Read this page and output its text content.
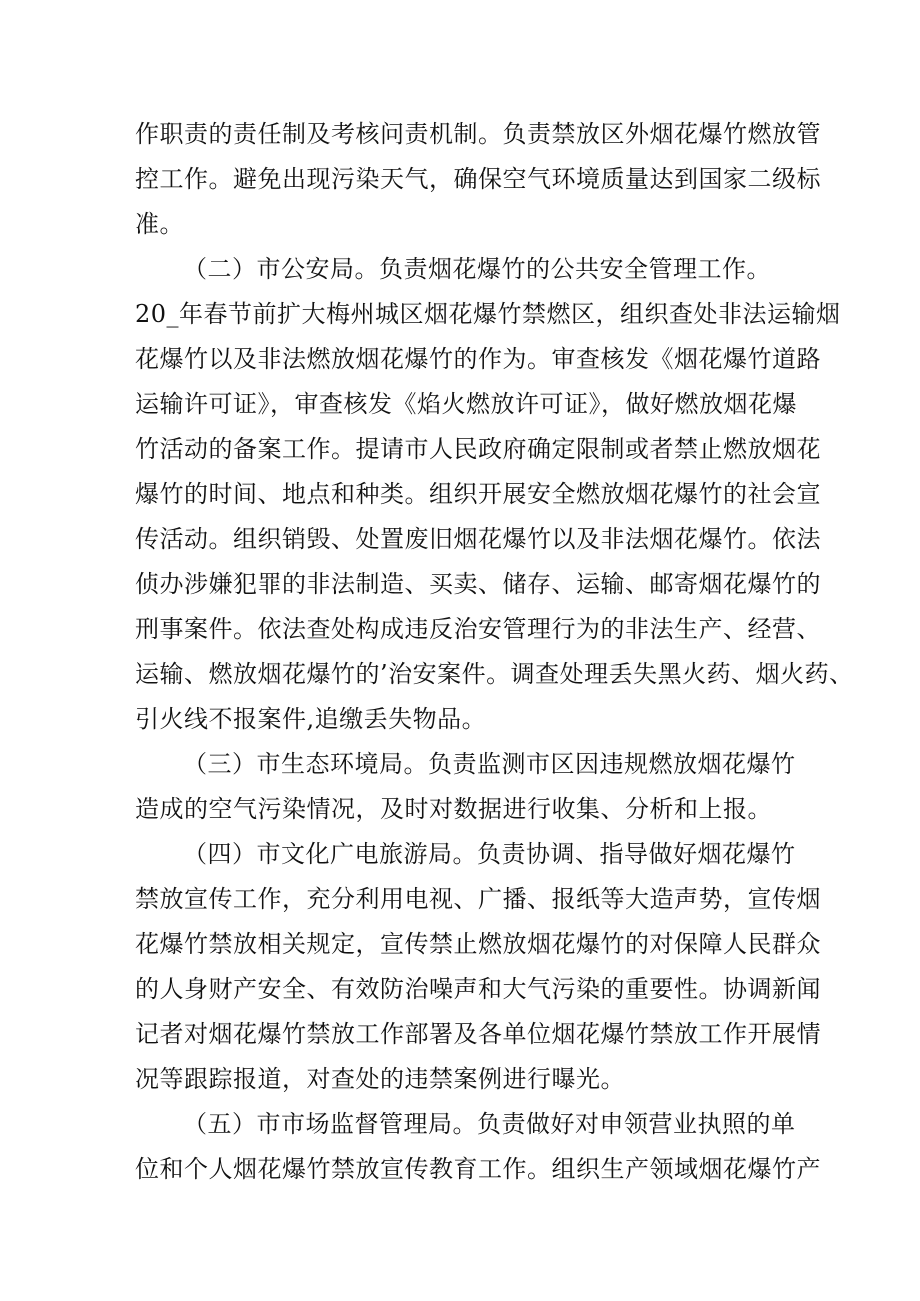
作职责的责任制及考核问责机制。负责禁放区外烟花爆竹燃放管
控工作。避免出现污染天气，确保空气环境质量达到国家二级标
准。
（二）市公安局。负责烟花爆竹的公共安全管理工作。
20_年春节前扩大梅州城区烟花爆竹禁燃区，组织查处非法运输烟
花爆竹以及非法燃放烟花爆竹的作为。审查核发《烟花爆竹道路
运输许可证》，审查核发《焰火燃放许可证》，做好燃放烟花爆
竹活动的备案工作。提请市人民政府确定限制或者禁止燃放烟花
爆竹的时间、地点和种类。组织开展安全燃放烟花爆竹的社会宣
传活动。组织销毁、处置废旧烟花爆竹以及非法烟花爆竹。依法
侦办涉嫌犯罪的非法制造、买卖、储存、运输、邮寄烟花爆竹的
刑事案件。依法查处构成违反治安管理行为的非法生产、经营、
运输、燃放烟花爆竹的’治安案件。调查处理丢失黑火药、烟火药、
引火线不报案件,追缴丢失物品。
（三）市生态环境局。负责监测市区因违规燃放烟花爆竹
造成的空气污染情况，及时对数据进行收集、分析和上报。
（四）市文化广电旅游局。负责协调、指导做好烟花爆竹
禁放宣传工作，充分利用电视、广播、报纸等大造声势，宣传烟
花爆竹禁放相关规定，宣传禁止燃放烟花爆竹的对保障人民群众
的人身财产安全、有效防治噪声和大气污染的重要性。协调新闻
记者对烟花爆竹禁放工作部署及各单位烟花爆竹禁放工作开展情
况等跟踪报道，对查处的违禁案例进行曝光。
（五）市市场监督管理局。负责做好对申领营业执照的单
位和个人烟花爆竹禁放宣传教育工作。组织生产领域烟花爆竹产
